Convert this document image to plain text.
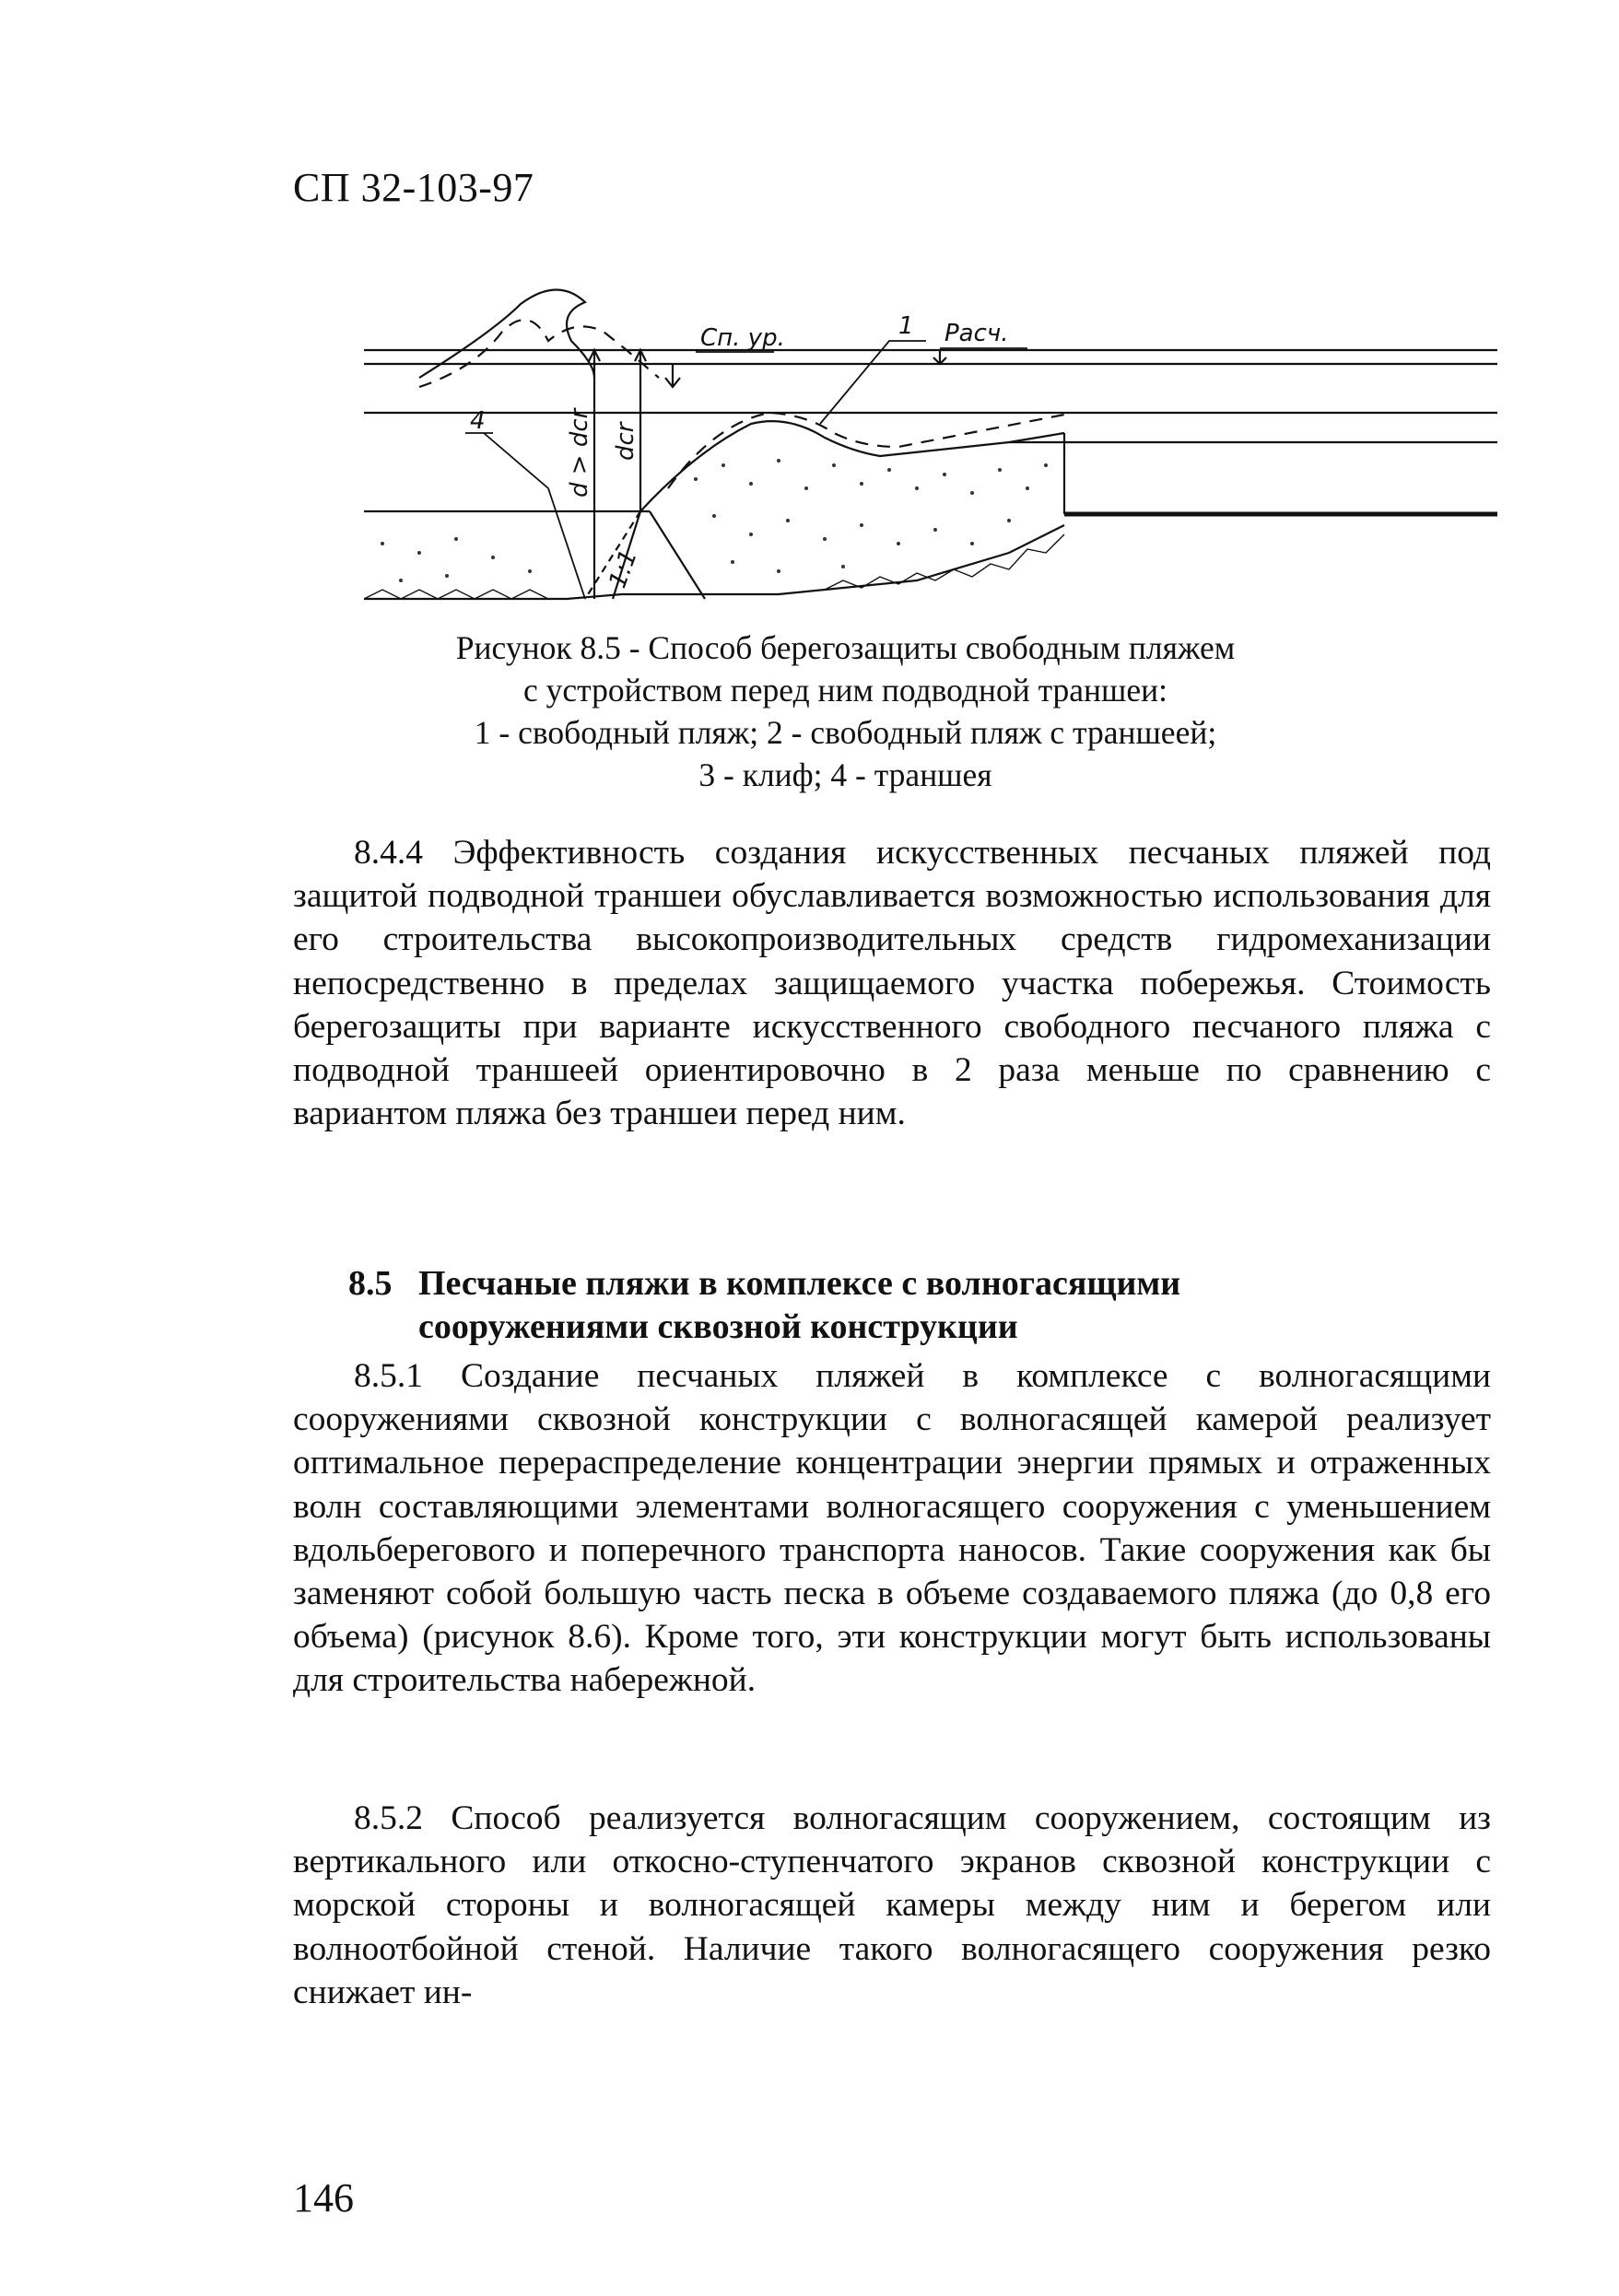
СП 32-103-97
Сп. ур.	Расч.
1
4	d > dcr dcr
1:1
Рисунок 8.5 - Способ берегозащиты свободным пляжем
с устройством перед ним подводной траншеи:
1 - свободный пляж; 2 - свободный пляж с траншеей;
3 - клиф; 4 - траншея

8.4.4 Эффективность создания искусственных песчаных пляжей под защитой подводной траншеи обуславливается возможностью использования для его строительства высокопроизводительных средств гидромеханизации непосредственно в пределах защищаемого участка побережья. Стоимость берегозащиты при варианте искусственного свободного песчаного пляжа с подводной траншеей ориентировочно в 2 раза меньше по сравнению с вариантом пляжа без траншеи перед ним.

8.5 Песчаные пляжи в комплексе с волногасящими
сооружениями сквозной конструкции

8.5.1 Создание песчаных пляжей в комплексе с волногасящими сооружениями сквозной конструкции с волногасящей камерой реализует оптимальное перераспределение концентрации энергии прямых и отраженных волн составляющими элементами волногасящего сооружения с уменьшением вдольберегового и поперечного транспорта наносов. Такие сооружения как бы заменяют собой большую часть песка в объеме создаваемого пляжа (до 0,8 его объема) (рисунок 8.6). Кроме того, эти конструкции могут быть использованы для строительства набережной.

8.5.2 Способ реализуется волногасящим сооружением, состоящим из вертикального или откосно-ступенчатого экранов сквозной конструкции с морской стороны и волногасящей камеры между ним и берегом или волноотбойной стеной. Наличие такого волногасящего сооружения резко снижает ин-

146
